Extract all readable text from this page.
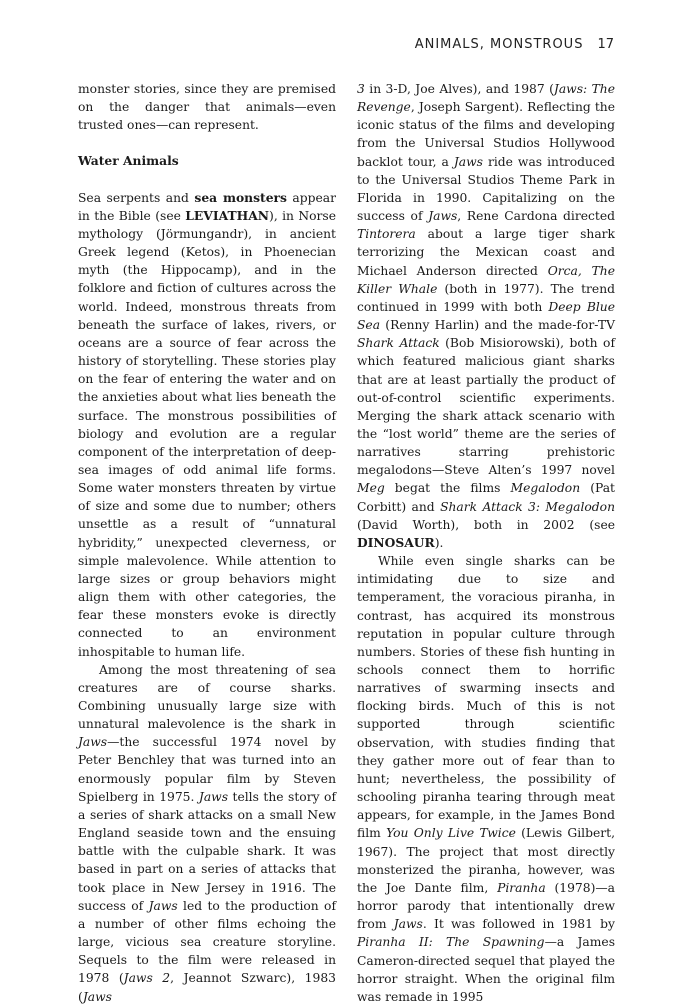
ANIMALS, MONSTROUS 17

monster stories, since they are premised on the danger that animals—even trusted ones—can represent.

Water Animals

Sea serpents and sea monsters appear in the Bible (see LEVIATHAN), in Norse mythology (Jörmungandr), in ancient Greek legend (Ketos), in Phoenecian myth (the Hippocamp), and in the folklore and fiction of cultures across the world. Indeed, monstrous threats from beneath the surface of lakes, rivers, or oceans are a source of fear across the history of storytelling. These stories play on the fear of entering the water and on the anxieties about what lies beneath the surface. The monstrous possibilities of biology and evolution are a regular component of the interpretation of deep-sea images of odd animal life forms. Some water monsters threaten by virtue of size and some due to number; others unsettle as a result of “unnatural hybridity,” unexpected cleverness, or simple malevolence. While attention to large sizes or group behaviors might align them with other categories, the fear these monsters evoke is directly connected to an environment inhospitable to human life.

Among the most threatening of sea creatures are of course sharks. Combining unusually large size with unnatural malevolence is the shark in Jaws—the successful 1974 novel by Peter Benchley that was turned into an enormously popular film by Steven Spielberg in 1975. Jaws tells the story of a series of shark attacks on a small New England seaside town and the ensuing battle with the culpable shark. It was based in part on a series of attacks that took place in New Jersey in 1916. The success of Jaws led to the production of a number of other films echoing the large, vicious sea creature storyline. Sequels to the film were released in 1978 (Jaws 2, Jeannot Szwarc), 1983 (Jaws

3 in 3-D, Joe Alves), and 1987 (Jaws: The Revenge, Joseph Sargent). Reflecting the iconic status of the films and developing from the Universal Studios Hollywood backlot tour, a Jaws ride was introduced to the Universal Studios Theme Park in Florida in 1990. Capitalizing on the success of Jaws, Rene Cardona directed Tintorera about a large tiger shark terrorizing the Mexican coast and Michael Anderson directed Orca, The Killer Whale (both in 1977). The trend continued in 1999 with both Deep Blue Sea (Renny Harlin) and the made-for-TV Shark Attack (Bob Misiorowski), both of which featured malicious giant sharks that are at least partially the product of out-of-control scientific experiments. Merging the shark attack scenario with the “lost world” theme are the series of narratives starring prehistoric megalodons—Steve Alten’s 1997 novel Meg begat the films Megalodon (Pat Corbitt) and Shark Attack 3: Megalodon (David Worth), both in 2002 (see DINOSAUR).

While even single sharks can be intimidating due to size and temperament, the voracious piranha, in contrast, has acquired its monstrous reputation in popular culture through numbers. Stories of these fish hunting in schools connect them to horrific narratives of swarming insects and flocking birds. Much of this is not supported through scientific observation, with studies finding that they gather more out of fear than to hunt; nevertheless, the possibility of schooling piranha tearing through meat appears, for example, in the James Bond film You Only Live Twice (Lewis Gilbert, 1967). The project that most directly monsterized the piranha, however, was the Joe Dante film, Piranha (1978)—a horror parody that intentionally drew from Jaws. It was followed in 1981 by Piranha II: The Spawning—a James Cameron-directed sequel that played the horror straight. When the original film was remade in 1995
